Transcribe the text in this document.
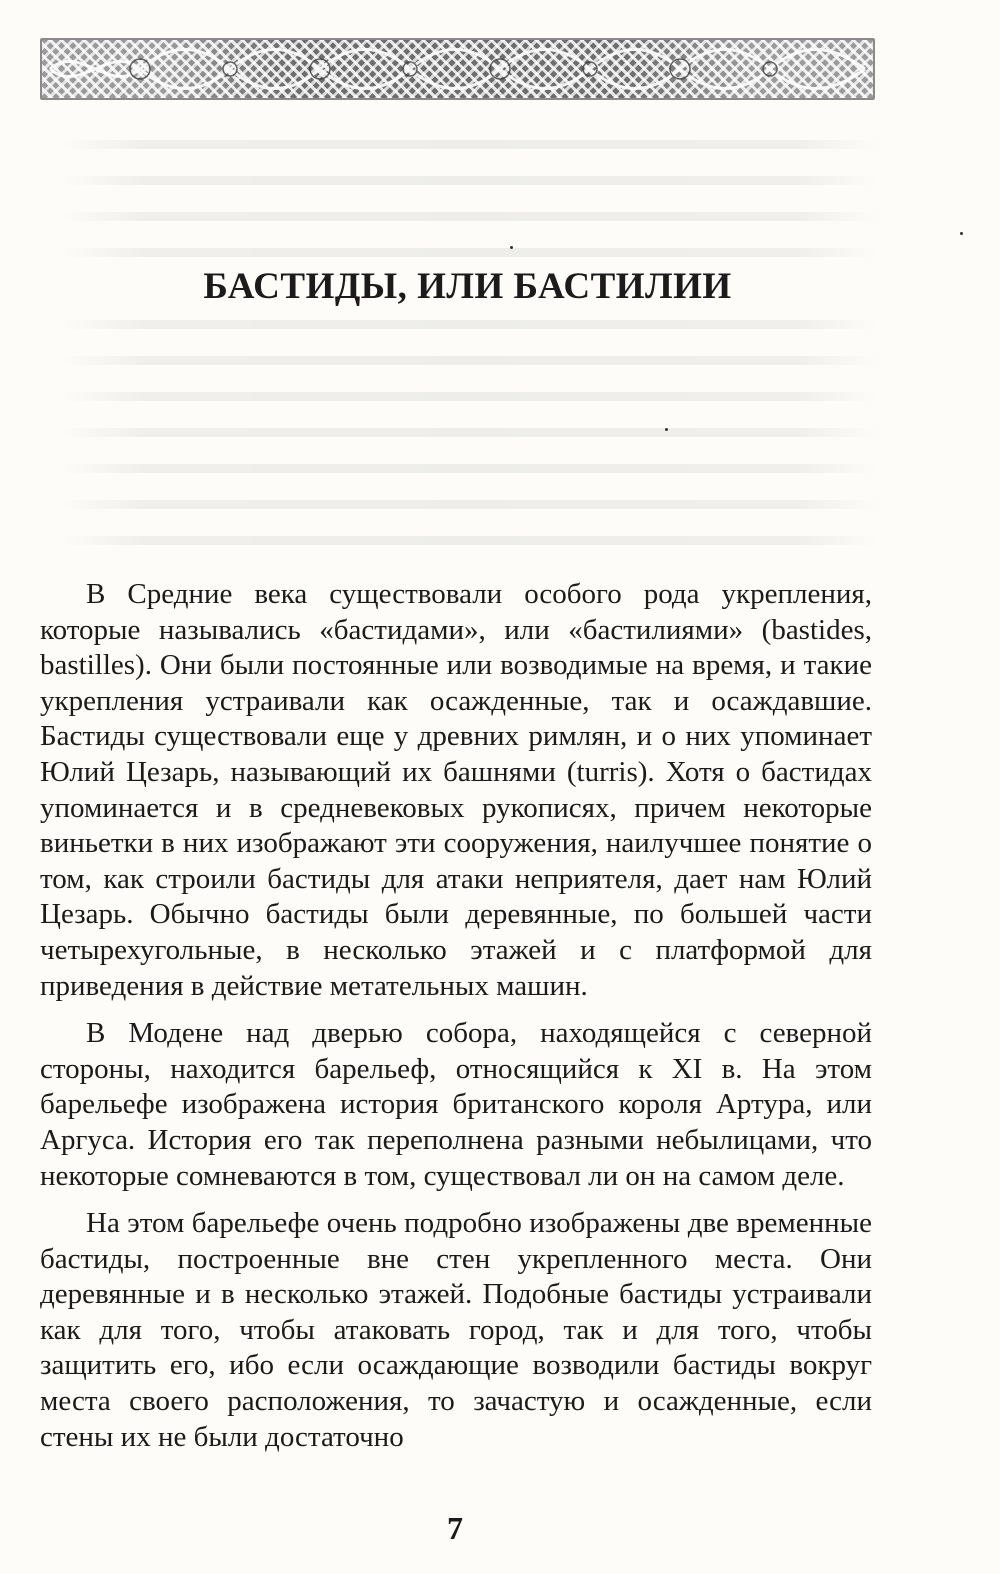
БАСТИДЫ, ИЛИ БАСТИЛИИ

В Средние века существовали особого рода укрепления, которые назывались «бастидами», или «бастилиями» (bastides, bastilles). Они были постоянные или возводимые на время, и такие укрепления устраивали как осажденные, так и осаждавшие. Бастиды существовали еще у древних римлян, и о них упоминает Юлий Цезарь, называющий их башнями (turris). Хотя о бастидах упоминается и в средневековых рукописях, причем некоторые виньетки в них изображают эти сооружения, наилучшее понятие о том, как строили бастиды для атаки неприятеля, дает нам Юлий Цезарь. Обычно бастиды были деревянные, по большей части четырехугольные, в несколько этажей и с платформой для приведения в действие метательных машин.

В Модене над дверью собора, находящейся с северной стороны, находится барельеф, относящийся к XI в. На этом барельефе изображена история британского короля Артура, или Аргуса. История его так переполнена разными небылицами, что некоторые сомневаются в том, существовал ли он на самом деле.

На этом барельефе очень подробно изображены две временные бастиды, построенные вне стен укрепленного места. Они деревянные и в несколько этажей. Подобные бастиды устраивали как для того, чтобы атаковать город, так и для того, чтобы защитить его, ибо если осаждающие возводили бастиды вокруг места своего расположения, то зачастую и осажденные, если стены их не были достаточно

7
